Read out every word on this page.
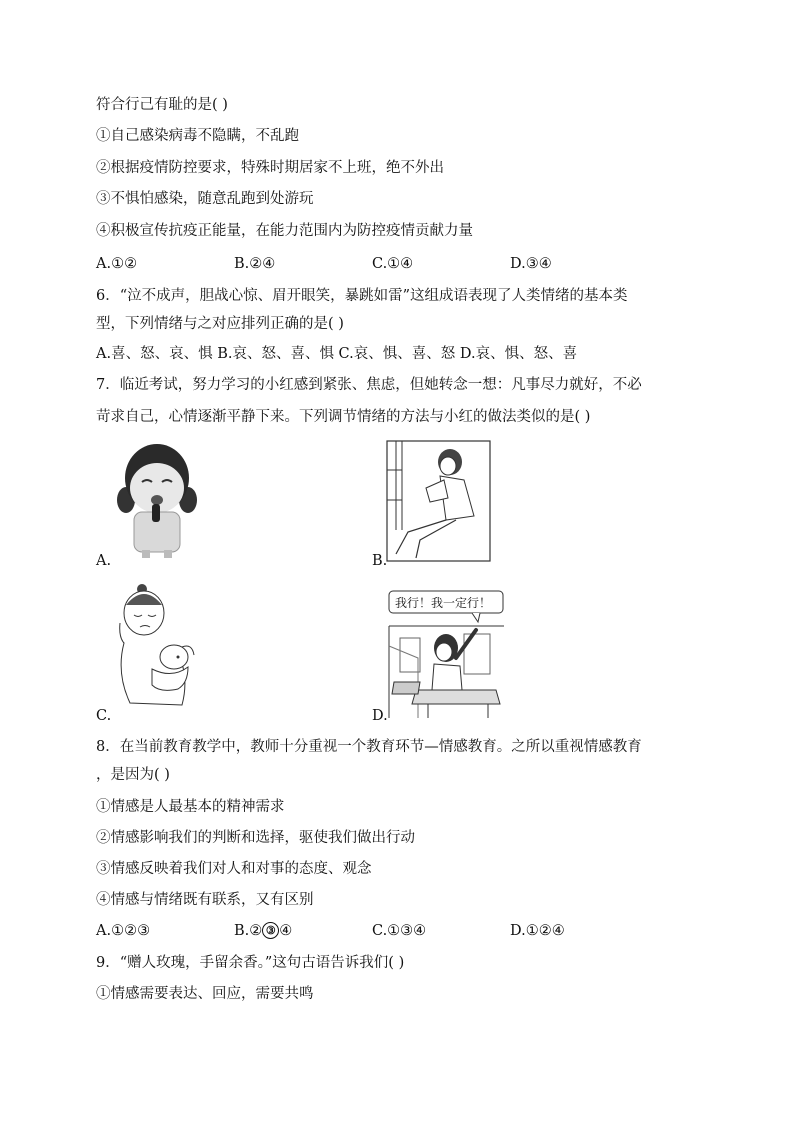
符合行己有耻的是( )
①自己感染病毒不隐瞒，不乱跑
②根据疫情防控要求，特殊时期居家不上班，绝不外出
③不惧怕感染，随意乱跑到处游玩
④积极宣传抗疫正能量，在能力范围内为防控疫情贡献力量
A.①②	B.②④	C.①④	D.③④
6．“泣不成声，胆战心惊、眉开眼笑，暴跳如雷”这组成语表现了人类情绪的基本类
型，下列情绪与之对应排列正确的是( )
A.喜、怒、哀、惧 B.哀、怒、喜、惧 C.哀、惧、喜、怒 D.哀、惧、怒、喜
7．临近考试，努力学习的小红感到紧张、焦虑，但她转念一想：凡事尽力就好，不必
苛求自己，心情逐渐平静下来。下列调节情绪的方法与小红的做法类似的是( )
A.	B.
C.
我行！我一定行！
D.
8．在当前教育教学中，教师十分重视一个教育环节—情感教育。之所以重视情感教育
，是因为( )
①情感是人最基本的精神需求
②情感影响我们的判断和选择，驱使我们做出行动
③情感反映着我们对人和对事的态度、观念
④情感与情绪既有联系，又有区别
A.①②③	B.② ③ ④	C.①③④	D.①②④
9．“赠人玫瑰，手留余香。”这句古语告诉我们( )
①情感需要表达、回应，需要共鸣
